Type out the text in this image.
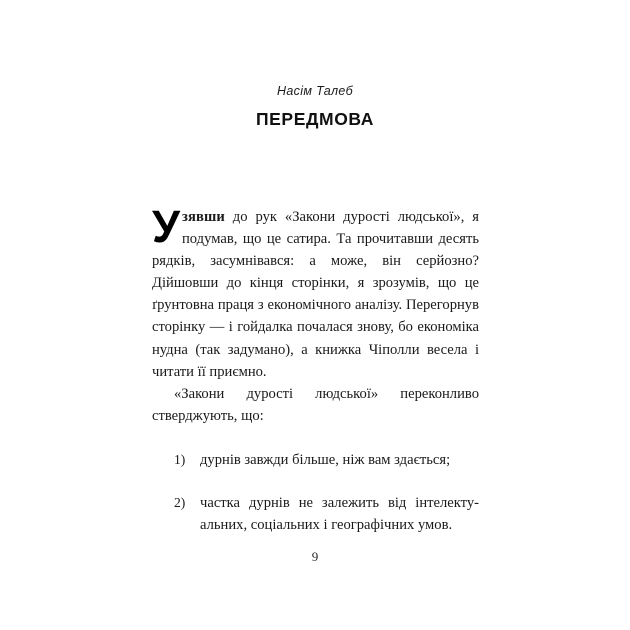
Насім Талеб
ПЕРЕДМОВА

Узявши до рук «Закони дурості людської», я подумав, що це сатира. Та прочитавши десять рядків, засумнівався: а може, він серйозно? Дійшовши до кінця сторінки, я зрозумів, що це ґрунтовна праця з економічного аналізу. Перегорнув сторінку — і гойдалка почалася знову, бо економіка нудна (так задумано), а книжка Чіполли весела і читати її приємно.

«Закони дурості людської» переконливо стверджують, що:

1)	дурнів завжди більше, ніж вам здається;
2)	частка дурнів не залежить від інтелектуальних, соціальних і географічних умов.
9
